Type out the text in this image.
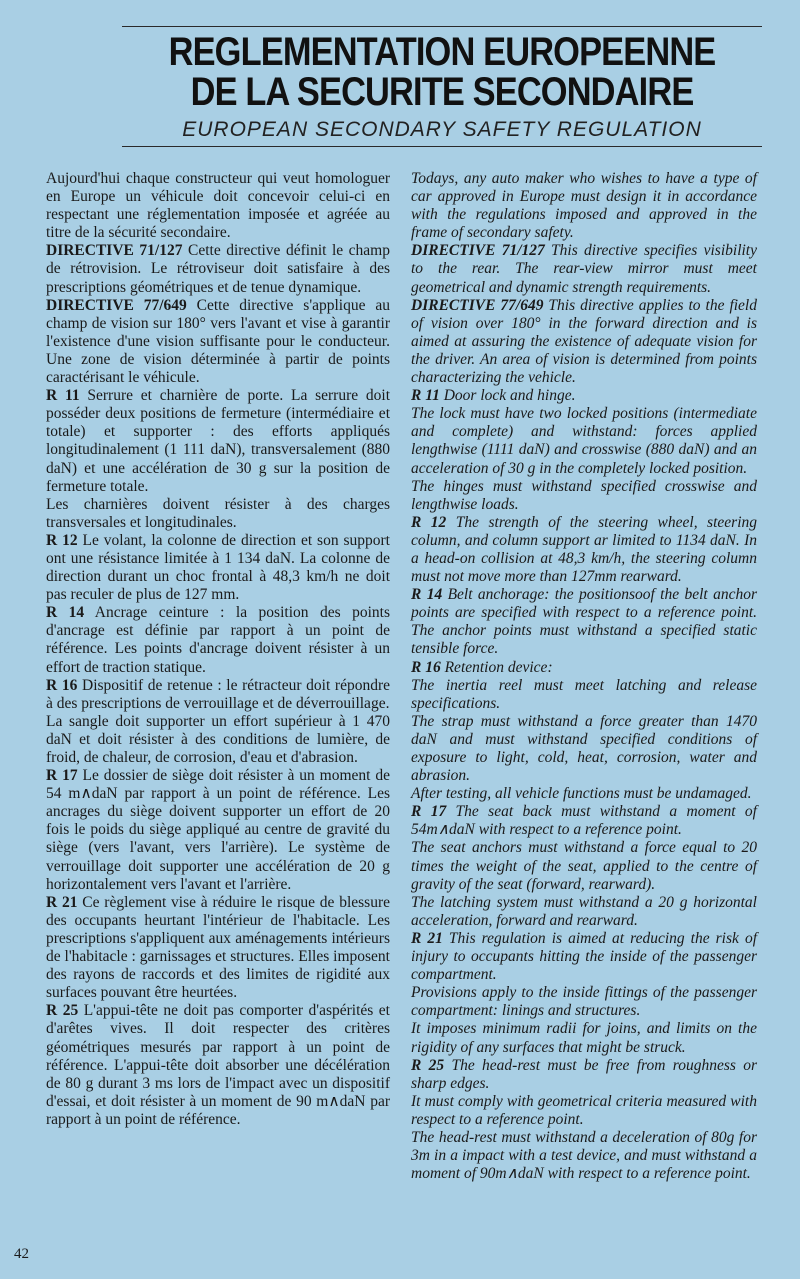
REGLEMENTATION EUROPEENNE
DE LA SECURITE SECONDAIRE
EUROPEAN SECONDARY SAFETY REGULATION

Aujourd'hui chaque constructeur qui veut homologuer en Europe un véhicule doit concevoir celui-ci en respectant une réglementation imposée et agréée au titre de la sécurité secondaire.

DIRECTIVE 71/127 Cette directive définit le champ de rétrovision. Le rétroviseur doit satisfaire à des prescriptions géométriques et de tenue dynamique.

DIRECTIVE 77/649 Cette directive s'applique au champ de vision sur 180° vers l'avant et vise à garantir l'existence d'une vision suffisante pour le conducteur. Une zone de vision déterminée à partir de points caractérisant le véhicule.

R 11 Serrure et charnière de porte. La serrure doit posséder deux positions de fermeture (intermédiaire et totale) et supporter : des efforts appliqués longitudinalement (1 111 daN), transversalement (880 daN) et une accélération de 30 g sur la position de fermeture totale.

Les charnières doivent résister à des charges transversales et longitudinales.

R 12 Le volant, la colonne de direction et son support ont une résistance limitée à 1 134 daN. La colonne de direction durant un choc frontal à 48,3 km/h ne doit pas reculer de plus de 127 mm.

R 14 Ancrage ceinture : la position des points d'ancrage est définie par rapport à un point de référence. Les points d'ancrage doivent résister à un effort de traction statique.

R 16 Dispositif de retenue : le rétracteur doit répondre à des prescriptions de verrouillage et de déverrouillage.

La sangle doit supporter un effort supérieur à 1 470 daN et doit résister à des conditions de lumière, de froid, de chaleur, de corrosion, d'eau et d'abrasion.

R 17 Le dossier de siège doit résister à un moment de 54 m∧daN par rapport à un point de référence. Les ancrages du siège doivent supporter un effort de 20 fois le poids du siège appliqué au centre de gravité du siège (vers l'avant, vers l'arrière). Le système de verrouillage doit supporter une accélération de 20 g horizontalement vers l'avant et l'arrière.

R 21 Ce règlement vise à réduire le risque de blessure des occupants heurtant l'intérieur de l'habitacle. Les prescriptions s'appliquent aux aménagements intérieurs de l'habitacle : garnissages et structures. Elles imposent des rayons de raccords et des limites de rigidité aux surfaces pouvant être heurtées.

R 25 L'appui-tête ne doit pas comporter d'aspérités et d'arêtes vives. Il doit respecter des critères géométriques mesurés par rapport à un point de référence. L'appui-tête doit absorber une décélération de 80 g durant 3 ms lors de l'impact avec un dispositif d'essai, et doit résister à un moment de 90 m∧daN par rapport à un point de référence.

Todays, any auto maker who wishes to have a type of car approved in Europe must design it in accordance with the regulations imposed and approved in the frame of secondary safety.

DIRECTIVE 71/127 This directive specifies visibility to the rear. The rear-view mirror must meet geometrical and dynamic strength requirements.

DIRECTIVE 77/649 This directive applies to the field of vision over 180° in the forward direction and is aimed at assuring the existence of adequate vision for the driver. An area of vision is determined from points characterizing the vehicle.

R 11 Door lock and hinge.

The lock must have two locked positions (intermediate and complete) and withstand: forces applied lengthwise (1111 daN) and crosswise (880 daN) and an acceleration of 30 g in the completely locked position.

The hinges must withstand specified crosswise and lengthwise loads.

R 12 The strength of the steering wheel, steering column, and column support ar limited to 1134 daN. In a head-on collision at 48,3 km/h, the steering column must not move more than 127mm rearward.

R 14 Belt anchorage: the positionsoof the belt anchor points are specified with respect to a reference point. The anchor points must withstand a specified static tensible force.

R 16 Retention device:

The inertia reel must meet latching and release specifications.

The strap must withstand a force greater than 1470 daN and must withstand specified conditions of exposure to light, cold, heat, corrosion, water and abrasion.

After testing, all vehicle functions must be undamaged.

R 17 The seat back must withstand a moment of 54m∧daN with respect to a reference point.

The seat anchors must withstand a force equal to 20 times the weight of the seat, applied to the centre of gravity of the seat (forward, rearward).

The latching system must withstand a 20 g horizontal acceleration, forward and rearward.

R 21 This regulation is aimed at reducing the risk of injury to occupants hitting the inside of the passenger compartment.

Provisions apply to the inside fittings of the passenger compartment: linings and structures.

It imposes minimum radii for joins, and limits on the rigidity of any surfaces that might be struck.

R 25 The head-rest must be free from roughness or sharp edges.

It must comply with geometrical criteria measured with respect to a reference point.

The head-rest must withstand a deceleration of 80g for 3m in a impact with a test device, and must withstand a moment of 90m∧daN with respect to a reference point.

42
